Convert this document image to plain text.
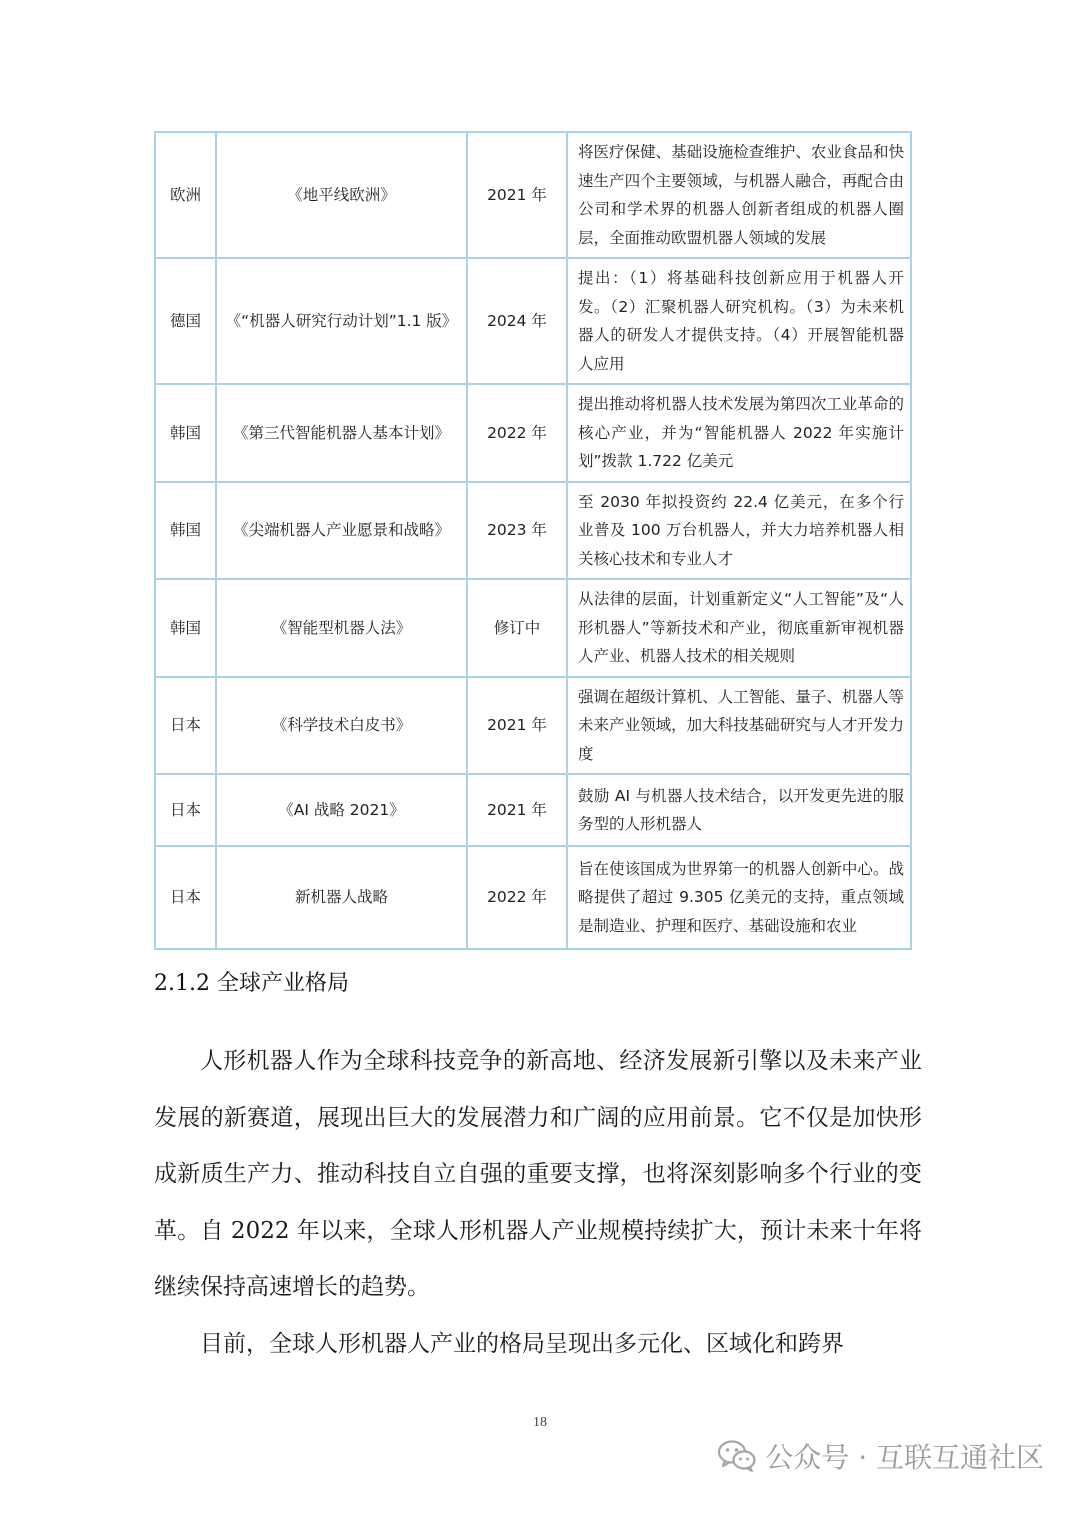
欧洲	《地平线欧洲》	2021 年	将医疗保健、基础设施检查维护、农业食品和快速生产四个主要领域，与机器人融合，再配合由公司和学术界的机器人创新者组成的机器人圈层，全面推动欧盟机器人领域的发展
德国	《“机器人研究行动计划”1.1 版》	2024 年	提出：（1）将基础科技创新应用于机器人开发。（2）汇聚机器人研究机构。（3）为未来机器人的研发人才提供支持。（4）开展智能机器人应用
韩国	《第三代智能机器人基本计划》	2022 年	提出推动将机器人技术发展为第四次工业革命的核心产业，并为“智能机器人 2022 年实施计划”拨款 1.722 亿美元
韩国	《尖端机器人产业愿景和战略》	2023 年	至 2030 年拟投资约 22.4 亿美元，在多个行业普及 100 万台机器人，并大力培养机器人相关核心技术和专业人才
韩国	《智能型机器人法》	修订中	从法律的层面，计划重新定义“人工智能”及“人形机器人”等新技术和产业，彻底重新审视机器人产业、机器人技术的相关规则
日本	《科学技术白皮书》	2021 年	强调在超级计算机、人工智能、量子、机器人等未来产业领域，加大科技基础研究与人才开发力度
日本	《AI 战略 2021》	2021 年	鼓励 AI 与机器人技术结合，以开发更先进的服务型的人形机器人
日本	新机器人战略	2022 年	旨在使该国成为世界第一的机器人创新中心。战略提供了超过 9.305 亿美元的支持，重点领域是制造业、护理和医疗、基础设施和农业
2.1.2 全球产业格局

人形机器人作为全球科技竞争的新高地、经济发展新引擎以及未来产业发展的新赛道，展现出巨大的发展潜力和广阔的应用前景。它不仅是加快形成新质生产力、推动科技自立自强的重要支撑，也将深刻影响多个行业的变革。自 2022 年以来，全球人形机器人产业规模持续扩大，预计未来十年将继续保持高速增长的趋势。

目前，全球人形机器人产业的格局呈现出多元化、区域化和跨界

18
公众号 · 互联互通社区
